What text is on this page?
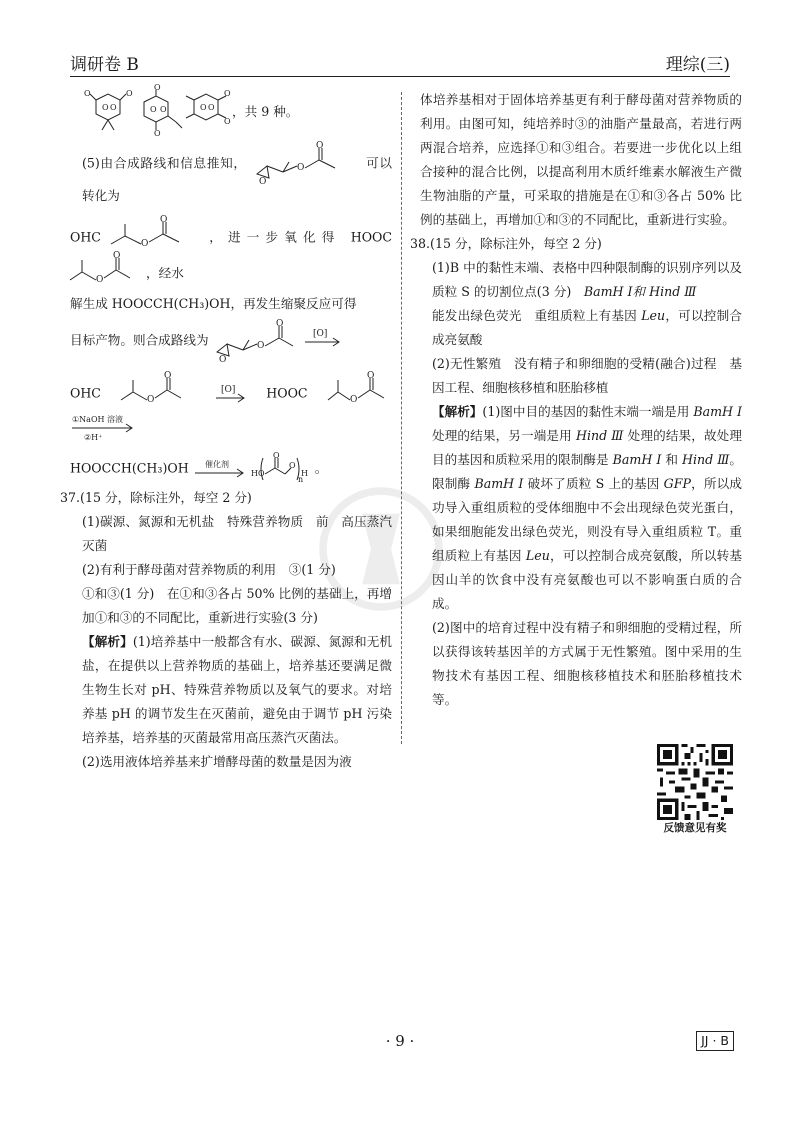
调研卷 B	理综(三)
O O	O O	O O
O	O
O
O
O
O
，共 9 种。

(5)由合成路线和信息推知，
O
O
O
可以转化为

OHC	O
O
，进一步氧化得 HOOC
O
O
，经水

解生成 HOOCCH(CH₃)OH，再发生缩聚反应可得

目标产物。则合成路线为
O
O
O
[O]

OHC	O
O

[O] HOOC	O
O

①NaOH 溶液
②H⁺

HOOCCH(CH₃)OH 催化剂

HO
O
O
H
n
。

37.(15 分，除标注外，每空 2 分)

(1)碳源、氮源和无机盐　特殊营养物质　前　高压蒸汽灭菌

(2)有利于酵母菌对营养物质的利用　③(1 分)

①和③(1 分)　在①和③各占 50% 比例的基础上，再增加①和③的不同配比，重新进行实验(3 分)

【解析】(1)培养基中一般都含有水、碳源、氮源和无机盐，在提供以上营养物质的基础上，培养基还要满足微生物生长对 pH、特殊营养物质以及氧气的要求。对培养基 pH 的调节发生在灭菌前，避免由于调节 pH 污染培养基，培养基的灭菌最常用高压蒸汽灭菌法。

(2)选用液体培养基来扩增酵母菌的数量是因为液

体培养基相对于固体培养基更有利于酵母菌对营养物质的利用。由图可知，纯培养时③的油脂产量最高，若进行两两混合培养，应选择①和③组合。若要进一步优化以上组合接种的混合比例，以提高利用木质纤维素水解液生产微生物油脂的产量，可采取的措施是在①和③各占 50% 比例的基础上，再增加①和③的不同配比，重新进行实验。

38.(15 分，除标注外，每空 2 分)

(1)B 中的黏性末端、表格中四种限制酶的识别序列以及质粒 S 的切割位点(3 分)　BamH Ⅰ和 Hind Ⅲ

能发出绿色荧光　重组质粒上有基因 Leu，可以控制合成亮氨酸

(2)无性繁殖　没有精子和卵细胞的受精(融合)过程　基因工程、细胞核移植和胚胎移植

【解析】(1)图中目的基因的黏性末端一端是用 BamH Ⅰ 处理的结果，另一端是用 Hind Ⅲ 处理的结果，故处理目的基因和质粒采用的限制酶是 BamH Ⅰ 和 Hind Ⅲ。限制酶 BamH Ⅰ 破坏了质粒 S 上的基因 GFP，所以成功导入重组质粒的受体细胞中不会出现绿色荧光蛋白，如果细胞能发出绿色荧光，则没有导入重组质粒 T。重组质粒上有基因 Leu，可以控制合成亮氨酸，所以转基因山羊的饮食中没有亮氨酸也可以不影响蛋白质的合成。

(2)图中的培育过程中没有精子和卵细胞的受精过程，所以获得该转基因羊的方式属于无性繁殖。图中采用的生物技术有基因工程、细胞核移植技术和胚胎移植技术等。

反馈意见有奖
· 9 ·	JJ · B
